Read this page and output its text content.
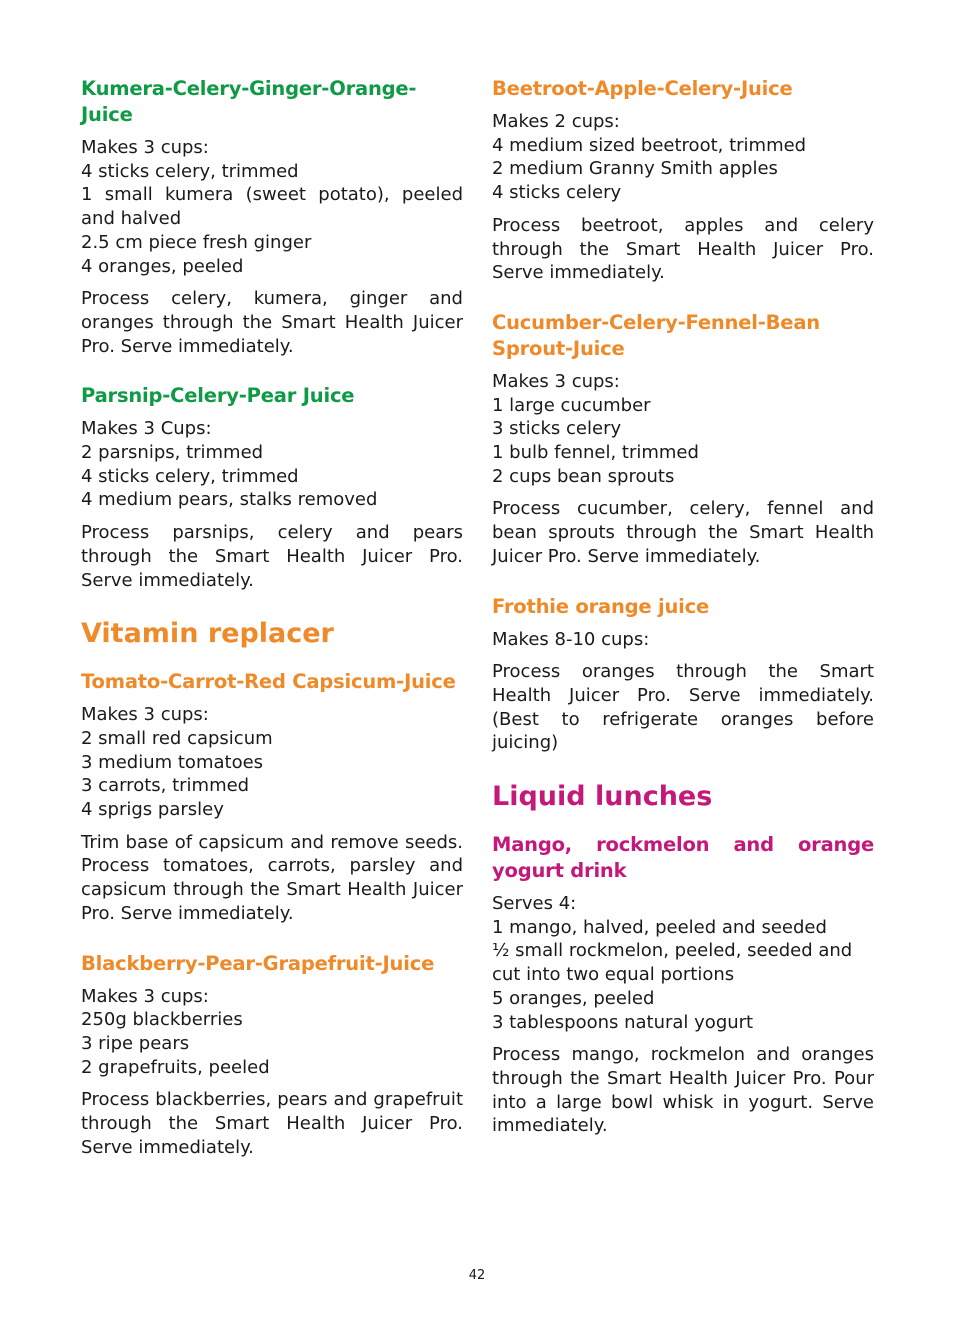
Kumera-Celery-Ginger-Orange-Juice
Makes 3 cups:
4 sticks celery, trimmed
1 small kumera (sweet potato), peeled and halved
2.5 cm piece fresh ginger
4 oranges, peeled

Process celery, kumera, ginger and oranges through the Smart Health Juicer Pro. Serve immediately.

Parsnip-Celery-Pear Juice
Makes 3 Cups:
2 parsnips, trimmed
4 sticks celery, trimmed
4 medium pears, stalks removed

Process parsnips, celery and pears through the Smart Health Juicer Pro. Serve immediately.

Vitamin replacer
Tomato-Carrot-Red Capsicum-Juice
Makes 3 cups:
2 small red capsicum
3 medium tomatoes
3 carrots, trimmed
4 sprigs parsley

Trim base of capsicum and remove seeds. Process tomatoes, carrots, parsley and capsicum through the Smart Health Juicer Pro. Serve immediately.

Blackberry-Pear-Grapefruit-Juice
Makes 3 cups:
250g blackberries
3 ripe pears
2 grapefruits, peeled

Process blackberries, pears and grapefruit through the Smart Health Juicer Pro. Serve immediately.

Beetroot-Apple-Celery-Juice
Makes 2 cups:
4 medium sized beetroot, trimmed
2 medium Granny Smith apples
4 sticks celery

Process beetroot, apples and celery through the Smart Health Juicer Pro. Serve immediately.

Cucumber-Celery-Fennel-Bean Sprout-Juice
Makes 3 cups:
1 large cucumber
3 sticks celery
1 bulb fennel, trimmed
2 cups bean sprouts

Process cucumber, celery, fennel and bean sprouts through the Smart Health Juicer Pro. Serve immediately.

Frothie orange juice
Makes 8-10 cups:

Process oranges through the Smart Health Juicer Pro. Serve immediately. (Best to refrigerate oranges before juicing)

Liquid lunches
Mango, rockmelon and orange yogurt drink
Serves 4:
1 mango, halved, peeled and seeded
½ small rockmelon, peeled, seeded and cut into two equal portions
5 oranges, peeled
3 tablespoons natural yogurt

Process mango, rockmelon and oranges through the Smart Health Juicer Pro. Pour into a large bowl whisk in yogurt. Serve immediately.

42
